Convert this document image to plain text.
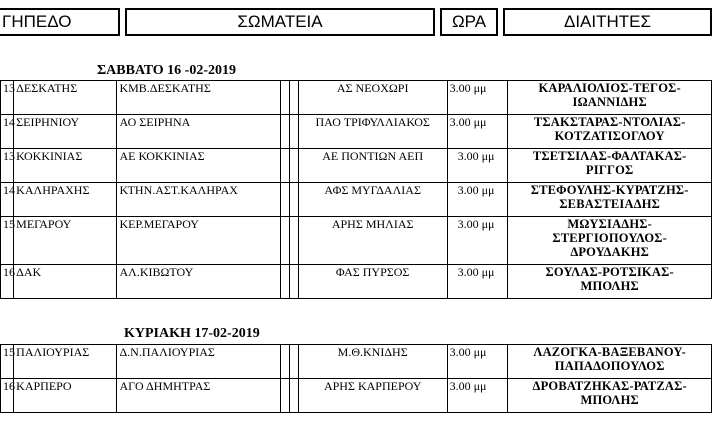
ΓΗΠΕΔΟ	ΣΩΜΑΤΕΙΑ	ΩΡΑ	ΔΙΑΙΤΗΤΕΣ
ΣΑΒΒΑΤΟ 16 -02-2019
13	ΔΕΣΚΑΤΗΣ	ΚΜΒ.ΔΕΣΚΑΤΗΣ			ΑΣ ΝΕΟΧΩΡΙ	3.00 μμ	ΚΑΡΑΛΙΟΛΙΟΣ-ΤΕΓΟΣ-
ΙΩΑΝΝΙΔΗΣ

14	ΣΕΙΡΗΝΙΟΥ	ΑΟ ΣΕΙΡΗΝΑ			ΠΑΟ ΤΡΙΦΥΛΛΙΑΚΟΣ	3.00 μμ	ΤΣΑΚΣΤΑΡΑΣ-ΝΤΟΛΙΑΣ-
ΚΟΤΖΑΤΙΣΟΓΛΟΥ

13	ΚΟΚΚΙΝΙΑΣ	ΑΕ ΚΟΚΚΙΝΙΑΣ			ΑΕ ΠΟΝΤΙΩΝ ΑΕΠ	3.00 μμ	ΤΣΕΤΣΙΛΑΣ-ΦΑΛΤΑΚΑΣ-
ΡΙΓΓΟΣ

14	ΚΑΛΗΡΑΧΗΣ	ΚΤΗΝ.ΑΣΤ.ΚΑΛΗΡΑΧ			ΑΦΣ ΜΥΓΔΑΛΙΑΣ	3.00 μμ	ΣΤΕΦΟΥΛΗΣ-ΚΥΡΑΤΖΗΣ-
ΣΕΒΑΣΤΕΙΑΔΗΣ

15	ΜΕΓΑΡΟΥ	ΚΕΡ.ΜΕΓΑΡΟΥ			ΑΡΗΣ ΜΗΛΙΑΣ	3.00 μμ	ΜΩΥΣΙΑΔΗΣ-
ΣΤΕΡΓΙΟΠΟΥΛΟΣ-
ΔΡΟΥΔΑΚΗΣ

16	ΔΑΚ	ΑΛ.ΚΙΒΩΤΟΥ			ΦΑΣ ΠΥΡΣΟΣ	3.00 μμ	ΣΟΥΛΑΣ-ΡΟΤΣΙΚΑΣ-
ΜΠΟΛΗΣ
ΚΥΡΙΑΚΗ 17-02-2019
15	ΠΑΛΙΟΥΡΙΑΣ	Δ.Ν.ΠΑΛΙΟΥΡΙΑΣ			Μ.Θ.ΚΝΙΔΗΣ	3.00 μμ	ΛΑΖΟΓΚΑ-ΒΑΞΕΒΑΝΟΥ-
ΠΑΠΑΔΟΠΟΥΛΟΣ

16	ΚΑΡΠΕΡΟ	ΑΓΟ ΔΗΜΗΤΡΑΣ			ΑΡΗΣ ΚΑΡΠΕΡΟΥ	3.00 μμ	ΔΡΟΒΑΤΖΗΚΑΣ-ΡΑΤΖΑΣ-
ΜΠΟΛΗΣ
